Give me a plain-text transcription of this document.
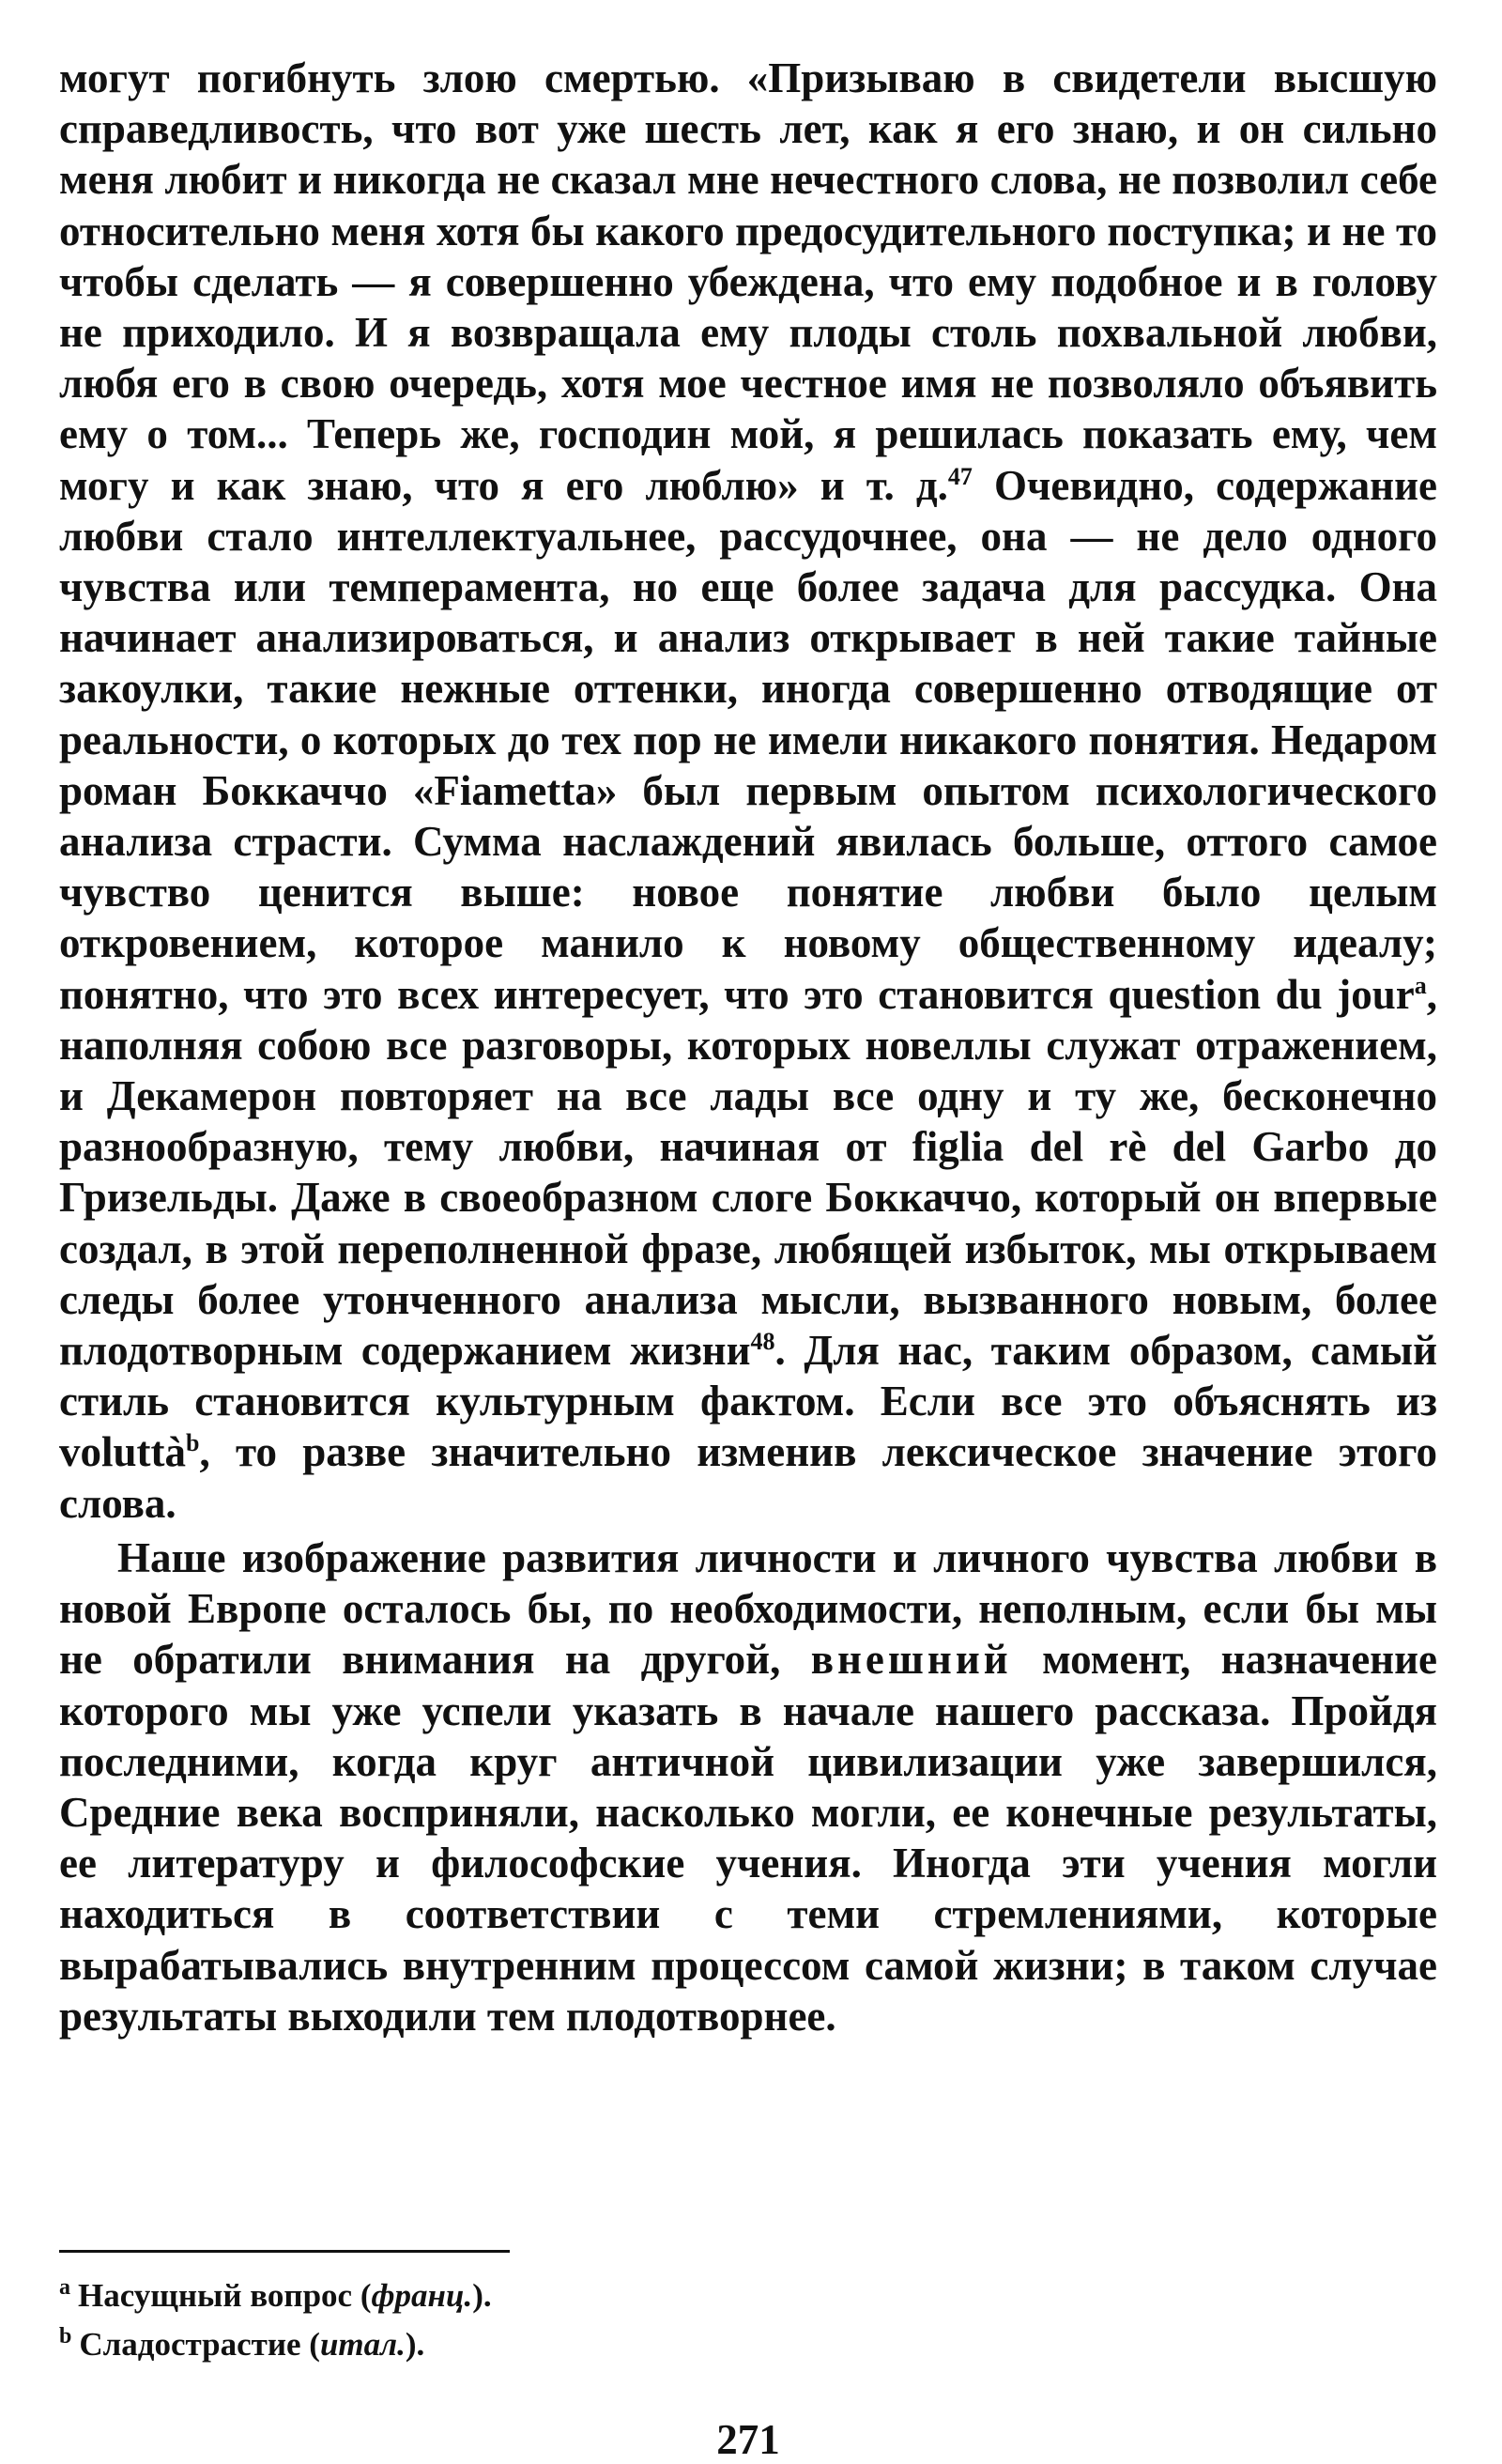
могут погибнуть злою смертью. «Призываю в свидетели высшую справедливость, что вот уже шесть лет, как я его знаю, и он сильно меня любит и никогда не сказал мне нечестного слова, не позволил себе относительно меня хотя бы какого предосудительного поступка; и не то чтобы сделать — я совершенно убеждена, что ему подобное и в голову не приходило. И я возвращала ему плоды столь похвальной любви, любя его в свою очередь, хотя мое честное имя не позволяло объявить ему о том... Теперь же, господин мой, я решилась показать ему, чем могу и как знаю, что я его люблю» и т. д.$^{47}$ Очевидно, содержание любви стало интеллектуальнее, рассудочнее, она — не дело одного чувства или темперамента, но еще более задача для рассудка. Она начинает анализироваться, и анализ открывает в ней такие тайные закоулки, такие нежные оттенки, иногда совершенно отводящие от реальности, о которых до тех пор не имели никакого понятия. Недаром роман Боккаччо «Fiametta» был первым опытом психологического анализа страсти. Сумма наслаждений явилась больше, оттого самое чувство ценится выше: новое понятие любви было целым откровением, которое манило к новому общественному идеалу; понятно, что это всех интересует, что это становится question du jour$^a$, наполняя собою все разговоры, которых новеллы служат отражением, и Декамерон повторяет на все лады все одну и ту же, бесконечно разнообразную, тему любви, начиная от figlia del rè del Garbo до Гризельды. Даже в своеобразном слоге Боккаччо, который он впервые создал, в этой переполненной фразе, любящей избыток, мы открываем следы более утонченного анализа мысли, вызванного новым, более плодотворным содержанием жизни$^{48}$. Для нас, таким образом, самый стиль становится культурным фактом. Если все это объяснять из voluttà$^b$, то разве значительно изменив лексическое значение этого слова.

Наше изображение развития личности и личного чувства любви в новой Европе осталось бы, по необходимости, неполным, если бы мы не обратили внимания на другой, внешний момент, назначение которого мы уже успели указать в начале нашего рассказа. Пройдя последними, когда круг античной цивилизации уже завершился, Средние века восприняли, насколько могли, ее конечные результаты, ее литературу и философские учения. Иногда эти учения могли находиться в соответствии с теми стремлениями, которые вырабатывались внутренним процессом самой жизни; в таком случае результаты выходили тем плодотворнее.

$^a$ Насущный вопрос (франц.).
$^b$ Сладострастие (итал.).
271
